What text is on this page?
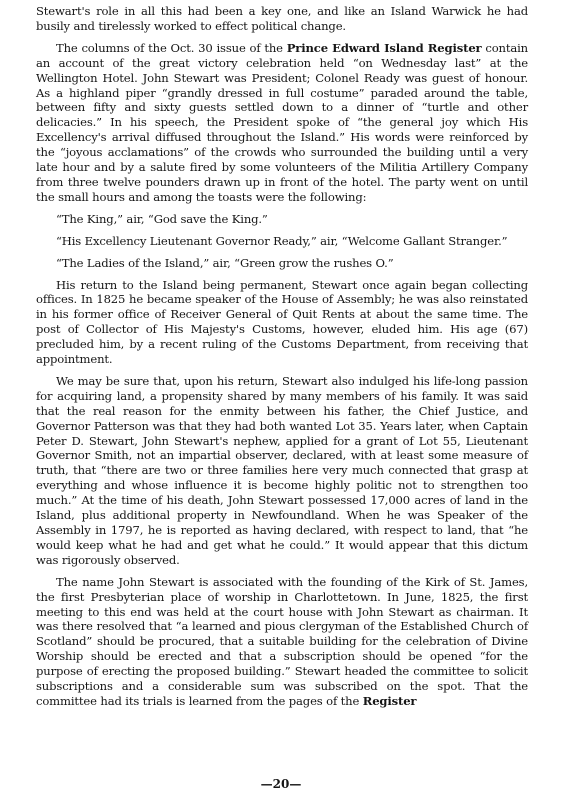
Stewart's role in all this had been a key one, and like an Island Warwick he had busily and tirelessly worked to effect political change.

The columns of the Oct. 30 issue of the Prince Edward Island Register contain an account of the great victory celebration held “on Wednesday last” at the Wellington Hotel. John Stewart was President; Colonel Ready was guest of honour. As a highland piper “grandly dressed in full costume” paraded around the table, between fifty and sixty guests settled down to a dinner of “turtle and other delicacies.” In his speech, the President spoke of “the general joy which His Excellency's arrival diffused throughout the Island.” His words were reinforced by the “joyous acclamations” of the crowds who surrounded the building until a very late hour and by a salute fired by some volunteers of the Militia Artillery Company from three twelve pounders drawn up in front of the hotel. The party went on until the small hours and among the toasts were the following:

“The King,” air, “God save the King.”

“His Excellency Lieutenant Governor Ready,” air, “Welcome Gallant Stranger.”

“The Ladies of the Island,” air, “Green grow the rushes O.”

His return to the Island being permanent, Stewart once again began collecting offices. In 1825 he became speaker of the House of Assembly; he was also reinstated in his former office of Receiver General of Quit Rents at about the same time. The post of Collector of His Majesty's Customs, however, eluded him. His age (67) precluded him, by a recent ruling of the Customs Department, from receiving that appointment.

We may be sure that, upon his return, Stewart also indulged his life-long passion for acquiring land, a propensity shared by many members of his family. It was said that the real reason for the enmity between his father, the Chief Justice, and Governor Patterson was that they had both wanted Lot 35. Years later, when Captain Peter D. Stewart, John Stewart's nephew, applied for a grant of Lot 55, Lieutenant Governor Smith, not an impartial observer, declared, with at least some measure of truth, that “there are two or three families here very much connected that grasp at everything and whose influence it is become highly politic not to strengthen too much.” At the time of his death, John Stewart possessed 17,000 acres of land in the Island, plus additional property in Newfoundland. When he was Speaker of the Assembly in 1797, he is reported as having declared, with respect to land, that “he would keep what he had and get what he could.” It would appear that this dictum was rigorously observed.

The name John Stewart is associated with the founding of the Kirk of St. James, the first Presbyterian place of worship in Charlottetown. In June, 1825, the first meeting to this end was held at the court house with John Stewart as chairman. It was there resolved that “a learned and pious clergyman of the Established Church of Scotland” should be procured, that a suitable building for the celebration of Divine Worship should be erected and that a subscription should be opened “for the purpose of erecting the proposed building.” Stewart headed the committee to solicit subscriptions and a considerable sum was subscribed on the spot. That the committee had its trials is learned from the pages of the Register

—20—
